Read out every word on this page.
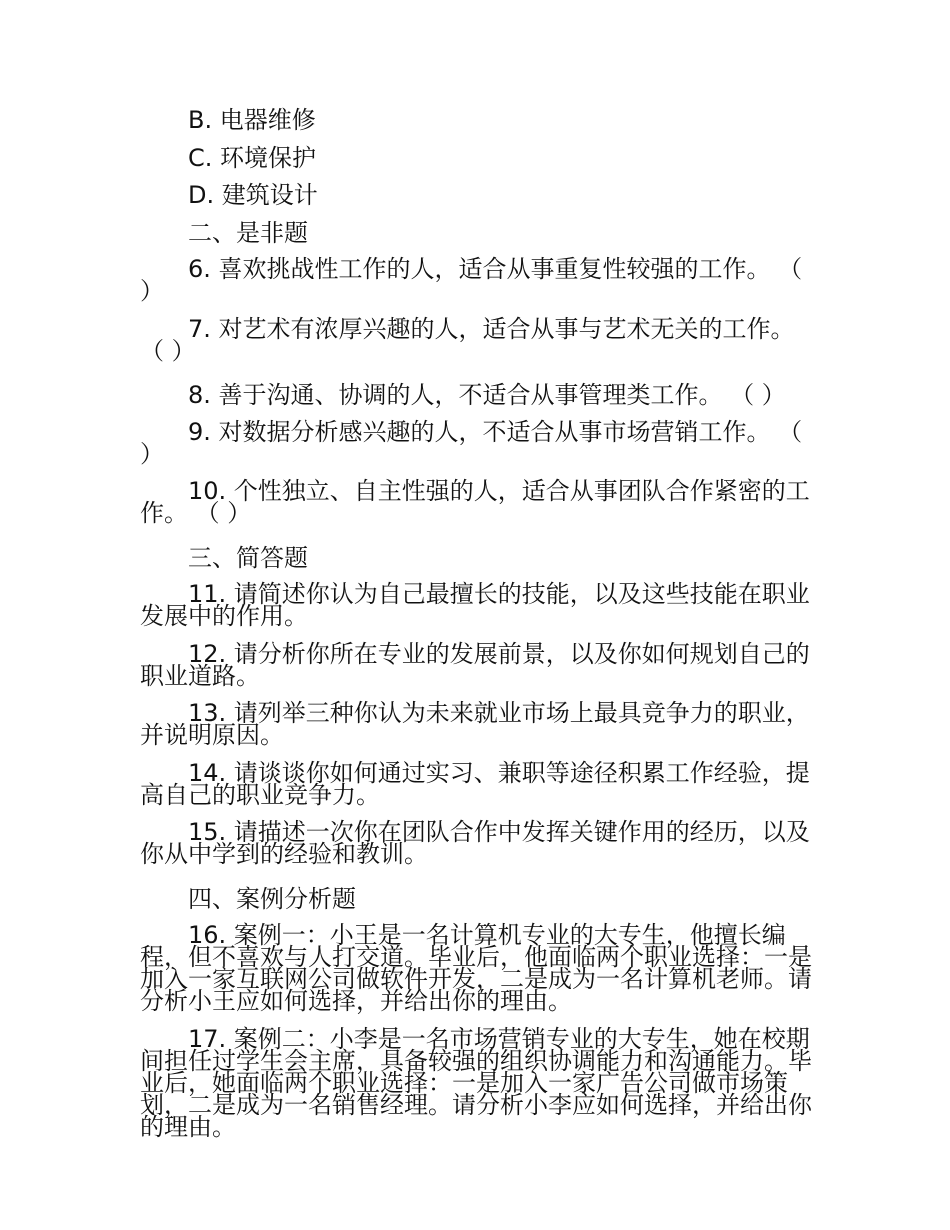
B. 电器维修

C. 环境保护

D. 建筑设计

二、是非题

6. 喜欢挑战性工作的人，适合从事重复性较强的工作。 （ ）

7. 对艺术有浓厚兴趣的人，适合从事与艺术无关的工作。 （ ）

8. 善于沟通、协调的人，不适合从事管理类工作。 （ ）

9. 对数据分析感兴趣的人，不适合从事市场营销工作。 （ ）

10. 个性独立、自主性强的人，适合从事团队合作紧密的工作。 （ ）

三、简答题

11. 请简述你认为自己最擅长的技能，以及这些技能在职业发展中的作用。

12. 请分析你所在专业的发展前景，以及你如何规划自己的职业道路。

13. 请列举三种你认为未来就业市场上最具竞争力的职业，并说明原因。

14. 请谈谈你如何通过实习、兼职等途径积累工作经验，提高自己的职业竞争力。

15. 请描述一次你在团队合作中发挥关键作用的经历，以及你从中学到的经验和教训。

四、案例分析题

16. 案例一：小王是一名计算机专业的大专生，他擅长编程，但不喜欢与人打交道。毕业后，他面临两个职业选择：一是加入一家互联网公司做软件开发，二是成为一名计算机老师。请分析小王应如何选择，并给出你的理由。

17. 案例二：小李是一名市场营销专业的大专生，她在校期间担任过学生会主席，具备较强的组织协调能力和沟通能力。毕业后，她面临两个职业选择：一是加入一家广告公司做市场策划，二是成为一名销售经理。请分析小李应如何选择，并给出你的理由。
